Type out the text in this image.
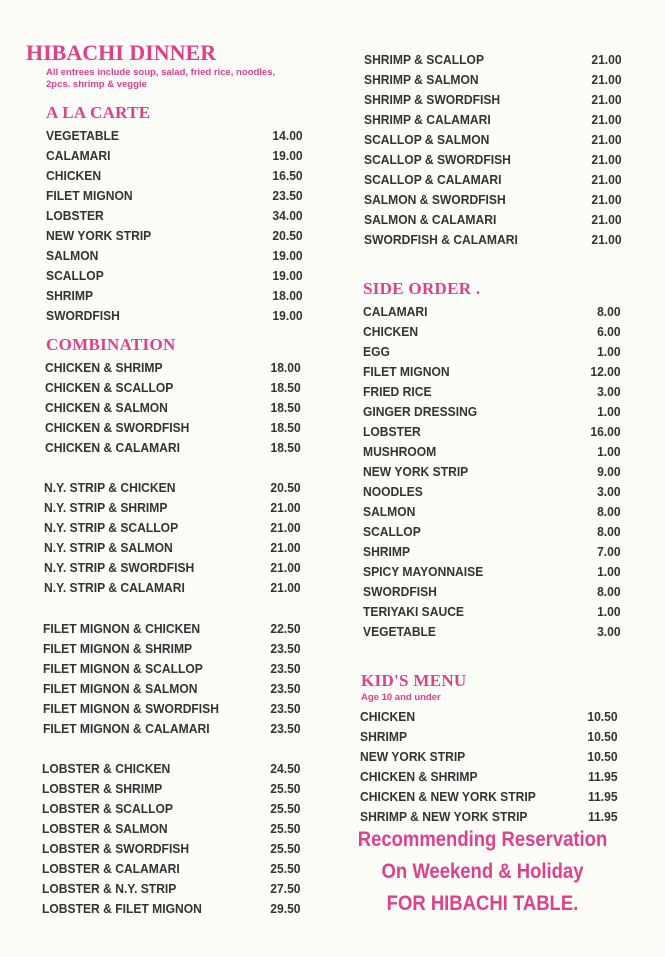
HIBACHI DINNER
All entrees include soup, salad, fried rice, noodles, 2pcs. shrimp & veggie
A LA CARTE
VEGETABLE	14.00
CALAMARI	19.00
CHICKEN	16.50
FILET MIGNON	23.50
LOBSTER	34.00
NEW YORK STRIP	20.50
SALMON	19.00
SCALLOP	19.00
SHRIMP	18.00
SWORDFISH	19.00
COMBINATION
CHICKEN & SHRIMP	18.00
CHICKEN & SCALLOP	18.50
CHICKEN & SALMON	18.50
CHICKEN & SWORDFISH	18.50
CHICKEN & CALAMARI	18.50
N.Y. STRIP & CHICKEN	20.50
N.Y. STRIP & SHRIMP	21.00
N.Y. STRIP & SCALLOP	21.00
N.Y. STRIP & SALMON	21.00
N.Y. STRIP & SWORDFISH	21.00
N.Y. STRIP & CALAMARI	21.00
FILET MIGNON & CHICKEN	22.50
FILET MIGNON & SHRIMP	23.50
FILET MIGNON & SCALLOP	23.50
FILET MIGNON & SALMON	23.50
FILET MIGNON & SWORDFISH	23.50
FILET MIGNON & CALAMARI	23.50
LOBSTER & CHICKEN	24.50
LOBSTER & SHRIMP	25.50
LOBSTER & SCALLOP	25.50
LOBSTER & SALMON	25.50
LOBSTER & SWORDFISH	25.50
LOBSTER & CALAMARI	25.50
LOBSTER & N.Y. STRIP	27.50
LOBSTER & FILET MIGNON	29.50
SHRIMP & SCALLOP	21.00
SHRIMP & SALMON	21.00
SHRIMP & SWORDFISH	21.00
SHRIMP & CALAMARI	21.00
SCALLOP & SALMON	21.00
SCALLOP & SWORDFISH	21.00
SCALLOP & CALAMARI	21.00
SALMON & SWORDFISH	21.00
SALMON & CALAMARI	21.00
SWORDFISH & CALAMARI	21.00
SIDE ORDER .
CALAMARI	8.00
CHICKEN	6.00
EGG	1.00
FILET MIGNON	12.00
FRIED RICE	3.00
GINGER DRESSING	1.00
LOBSTER	16.00
MUSHROOM	1.00
NEW YORK STRIP	9.00
NOODLES	3.00
SALMON	8.00
SCALLOP	8.00
SHRIMP	7.00
SPICY MAYONNAISE	1.00
SWORDFISH	8.00
TERIYAKI SAUCE	1.00
VEGETABLE	3.00
KID'S MENU
Age 10 and under
CHICKEN	10.50
SHRIMP	10.50
NEW YORK STRIP	10.50
CHICKEN & SHRIMP	11.95
CHICKEN & NEW YORK STRIP	11.95
SHRIMP & NEW YORK STRIP	11.95
Recommending Reservation
On Weekend & Holiday
FOR HIBACHI TABLE.
